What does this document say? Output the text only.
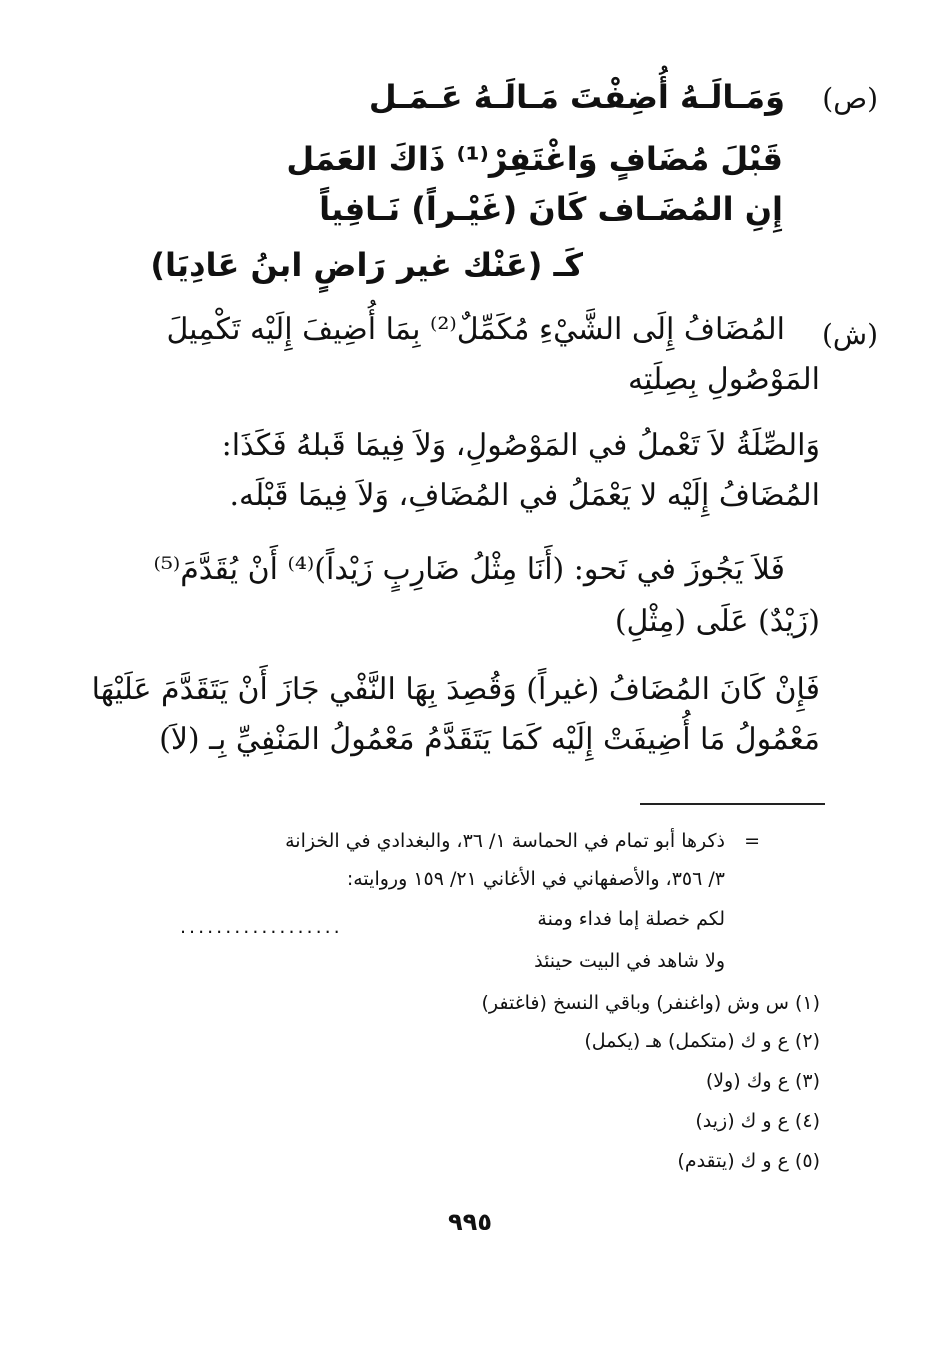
(ص)
وَمَـالَـهُ أُضِفْتَ مَـالَـهُ عَـمَـل
قَبْلَ مُضَافٍ وَاغْتَفِرْ⁽¹⁾ ذَاكَ العَمَل
إِنِ المُضَـاف كَانَ (غَيْـراً) نَـافِياً
كَـ (عَنْك غير رَاضٍ ابنُ عَادِيَا)
(ش)
المُضَافُ إِلَى الشَّيْءِ مُكَمِّلٌ⁽²⁾ بِمَا أُضِيفَ إِلَيْه تَكْمِيلَ
المَوْصُولِ بِصِلَتِه
وَالصِّلَةُ لاَ تَعْملُ في المَوْصُولِ، وَلاَ فِيمَا قَبلهُ فَكَذَا:
المُضَافُ إِلَيْه لا يَعْمَلُ في المُضَافِ، وَلاَ فِيمَا قَبْلَه.
فَلاَ يَجُوزَ في نَحو: (أَنَا مِثْلُ ضَارِبٍ زَيْداً)⁽⁴⁾ أَنْ يُقَدَّمَ⁽⁵⁾
(زَيْدٌ) عَلَى (مِثْلِ)
فَإِنْ كَانَ المُضَافُ (غيراً) وَقُصِدَ بِهَا النَّفْي جَازَ أَنْ يَتَقَدَّمَ عَلَيْهَا
مَعْمُولُ مَا أُضِيفَتْ إِلَيْه كَمَا يَتَقَدَّمُ مَعْمُولُ المَنْفِيِّ بِـ (لاَ)
=
ذكرها أبو تمام في الحماسة ١/ ٣٦، والبغدادي في الخزانة
٣/ ٣٥٦، والأصفهاني في الأغاني ٢١/ ١٥٩ وروايته:
لكم خصلة إما فداء ومنة
..................
ولا شاهد في البيت حينئذ
(١) س وش (واغنفر) وباقي النسخ (فاغتفر)
(٢) ع و ك (متكمل) هـ (يكمل)
(٣) ع وك (ولا)
(٤) ع و ك (زيد)
(٥) ع و ك (يتقدم)
٩٩٥
